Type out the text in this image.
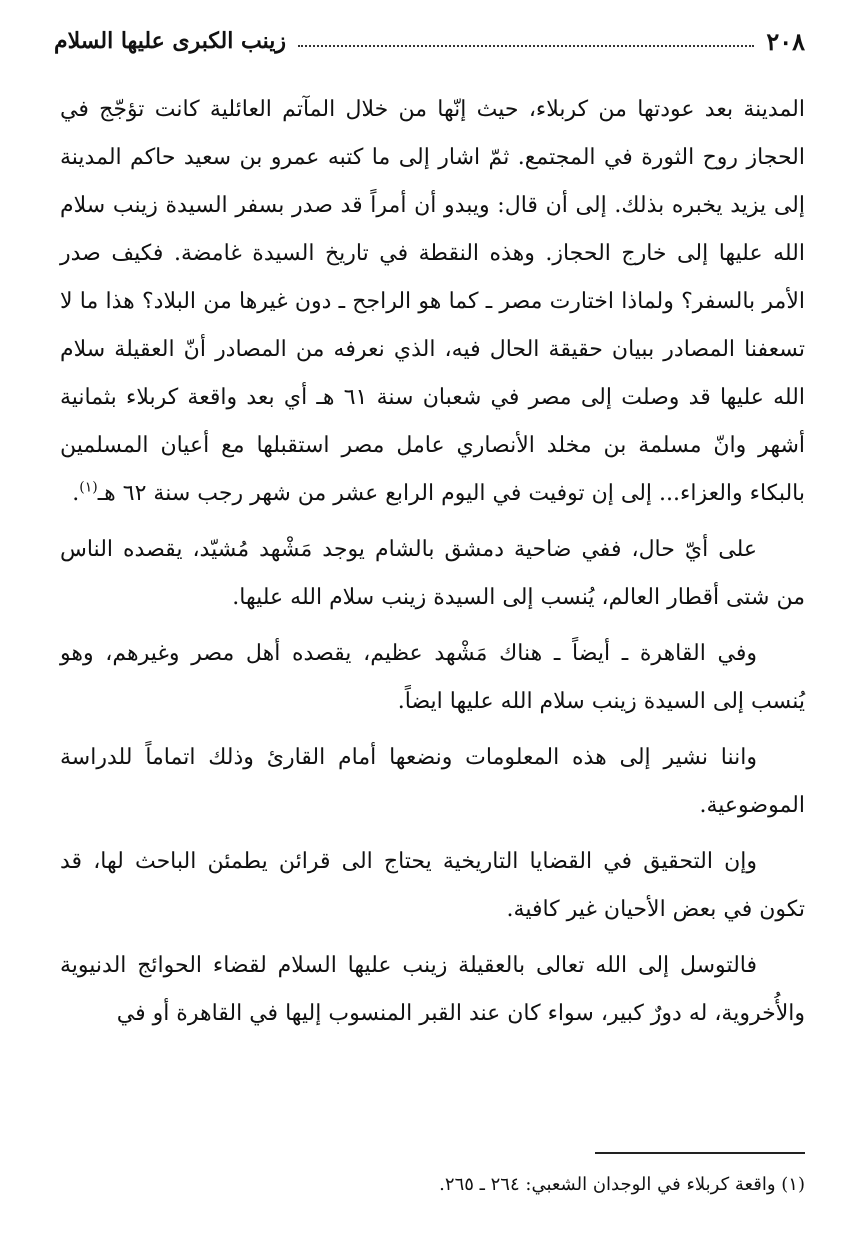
٢٠٨
زينب الكبرى عليها السلام

المدينة بعد عودتها من كربلاء، حيث إنّها من خلال المآتم العائلية كانت تؤجّج في الحجاز روح الثورة في المجتمع. ثمّ اشار إلى ما كتبه عمرو بن سعيد حاكم المدينة إلى يزيد يخبره بذلك. إلى أن قال: ويبدو أن أمراً قد صدر بسفر السيدة زينب سلام الله عليها إلى خارج الحجاز. وهذه النقطة في تاريخ السيدة غامضة. فكيف صدر الأمر بالسفر؟ ولماذا اختارت مصر ـ كما هو الراجح ـ دون غيرها من البلاد؟ هذا ما لا تسعفنا المصادر ببيان حقيقة الحال فيه، الذي نعرفه من المصادر أنّ العقيلة سلام الله عليها قد وصلت إلى مصر في شعبان سنة ٦١ هـ أي بعد واقعة كربلاء بثمانية أشهر وانّ مسلمة بن مخلد الأنصاري عامل مصر استقبلها مع أعيان المسلمين بالبكاء والعزاء... إلى إن توفيت في اليوم الرابع عشر من شهر رجب سنة ٦٢ هـ$^{(١)}$.

على أيّ حال، ففي ضاحية دمشق بالشام يوجد مَشْهد مُشيّد، يقصده الناس من شتى أقطار العالم، يُنسب إلى السيدة زينب سلام الله عليها.

وفي القاهرة ـ أيضاً ـ هناك مَشْهد عظيم، يقصده أهل مصر وغيرهم، وهو يُنسب إلى السيدة زينب سلام الله عليها ايضاً.

واننا نشير إلى هذه المعلومات ونضعها أمام القارئ وذلك اتماماً للدراسة الموضوعية.

وإن التحقيق في القضايا التاريخية يحتاج الى قرائن يطمئن الباحث لها، قد تكون في بعض الأحيان غير كافية.

فالتوسل إلى الله تعالى بالعقيلة زينب عليها السلام لقضاء الحوائج الدنيوية والأُخروية، له دورٌ كبير، سواء كان عند القبر المنسوب إليها في القاهرة أو في

(١) واقعة كربلاء في الوجدان الشعبي: ٢٦٤ ـ ٢٦٥.
